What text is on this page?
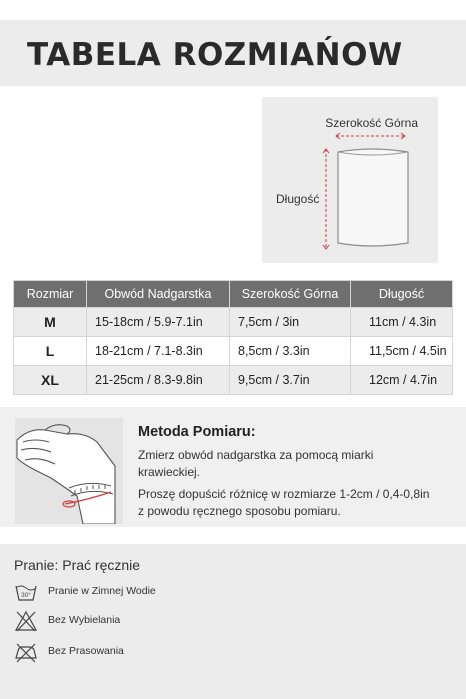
TABELA ROZMIAŃOW
Szerokość Górna
Długość
Rozmiar	Obwód Nadgarstka	Szerokość Górna	Długość
M	15-18cm / 5.9-7.1in	7,5cm / 3in	11cm / 4.3in
L	18-21cm / 7.1-8.3in	8,5cm / 3.3in	11,5cm / 4.5in
XL	21-25cm / 8.3-9.8in	9,5cm / 3.7in	12cm / 4.7in
Metoda Pomiaru:

Zmierz obwód nadgarstka za pomocą miarki krawieckiej.

Proszę dopuścić różnicę w rozmiarze 1-2cm / 0,4-0,8in z powodu ręcznego sposobu pomiaru.

Pranie: Prać ręcznie
30° Pranie w Zimnej Wodie
Bez Wybielania
Bez Prasowania
